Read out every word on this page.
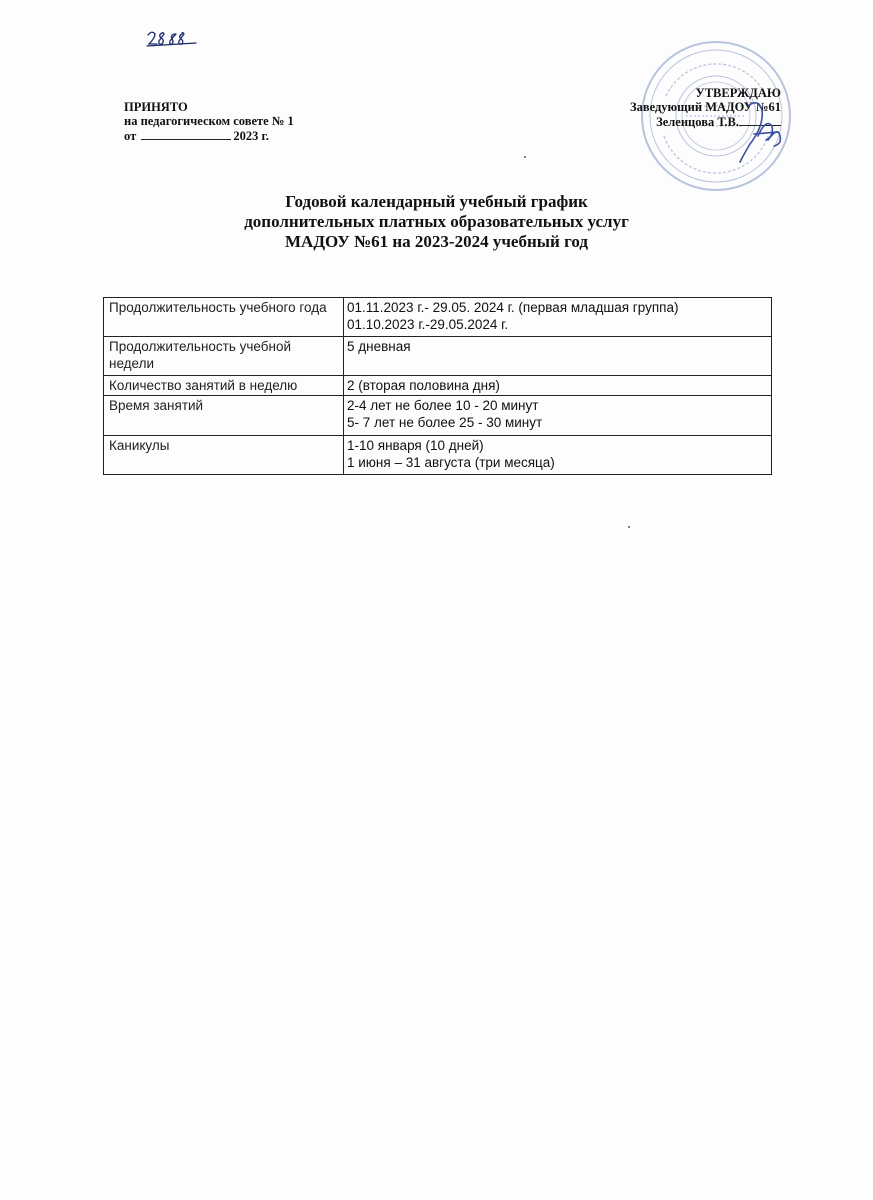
ПРИНЯТО
на педагогическом совете № 1
от	2023 г.
УТВЕРЖДАЮ
Заведующий МАДОУ №61
Зеленцова Т.В.
Годовой календарный учебный график
дополнительных платных образовательных услуг
МАДОУ №61 на 2023-2024 учебный год
Продолжительность учебного года	01.11.2023 г.- 29.05. 2024 г. (первая младшая группа)
01.10.2023 г.-29.05.2024 г.

Продолжительность учебной недели	5 дневная

Количество занятий в неделю	2 (вторая половина дня)

Время занятий	2-4 лет не более 10 - 20 минут
5- 7 лет не более 25 - 30 минут

Каникулы	1-10 января (10 дней)
1 июня – 31 августа (три месяца)
